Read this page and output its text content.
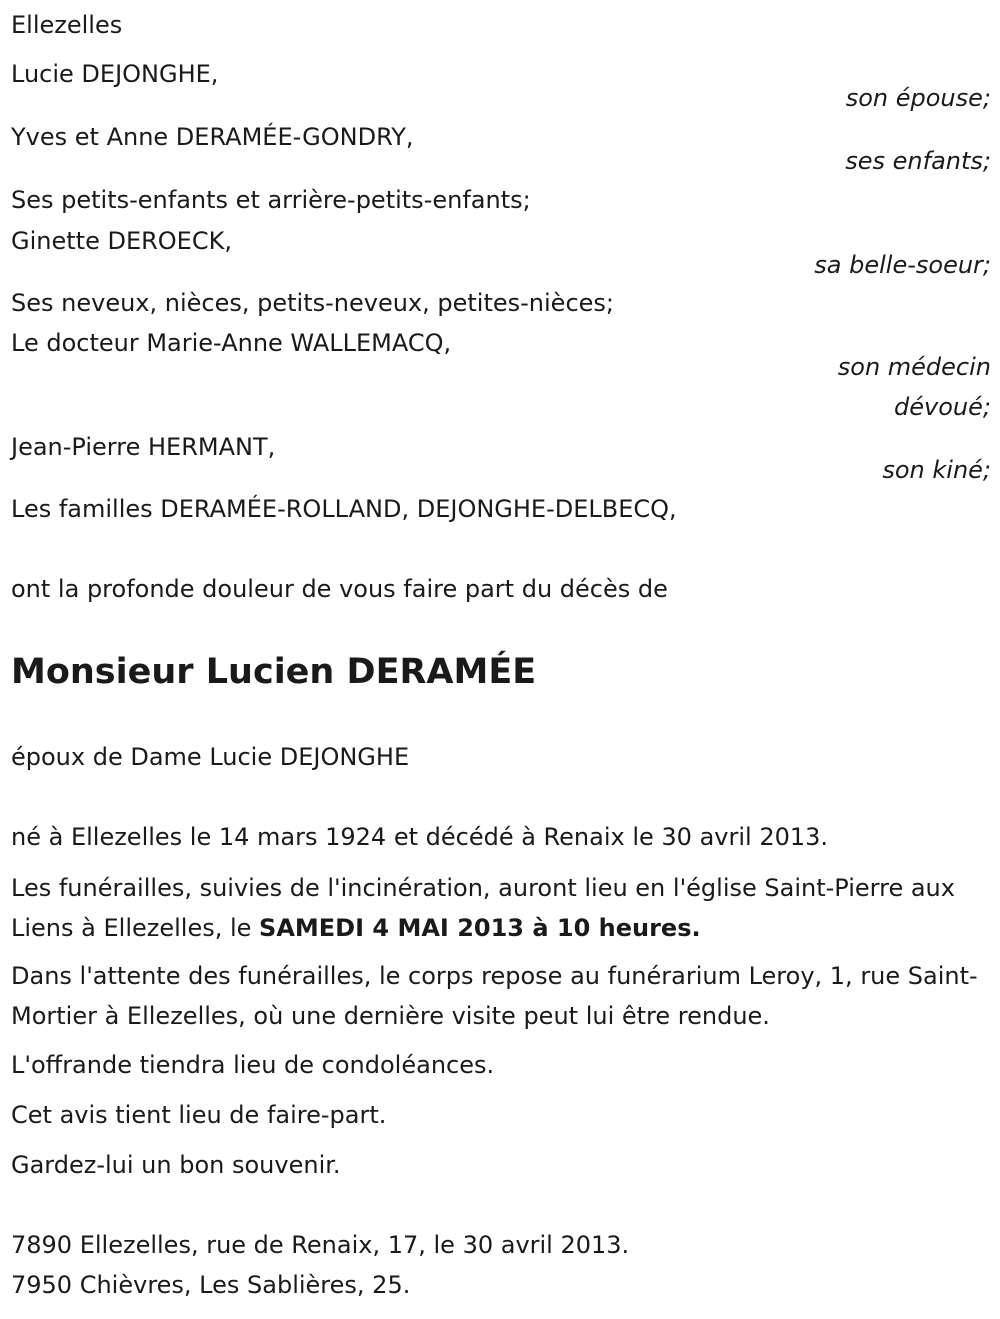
Ellezelles
Lucie DEJONGHE,
son épouse;
Yves et Anne DERAMÉE-GONDRY,
ses enfants;
Ses petits-enfants et arrière-petits-enfants;
Ginette DEROECK,
sa belle-soeur;
Ses neveux, nièces, petits-neveux, petites-nièces;
Le docteur Marie-Anne WALLEMACQ,
son médecin
dévoué;
Jean-Pierre HERMANT,
son kiné;
Les familles DERAMÉE-ROLLAND, DEJONGHE-DELBECQ,
ont la profonde douleur de vous faire part du décès de
Monsieur Lucien DERAMÉE
époux de Dame Lucie DEJONGHE
né à Ellezelles le 14 mars 1924 et décédé à Renaix le 30 avril 2013.
Les funérailles, suivies de l'incinération, auront lieu en l'église Saint-Pierre aux Liens à Ellezelles, le SAMEDI 4 MAI 2013 à 10 heures.
Dans l'attente des funérailles, le corps repose au funérarium Leroy, 1, rue Saint-Mortier à Ellezelles, où une dernière visite peut lui être rendue.
L'offrande tiendra lieu de condoléances.
Cet avis tient lieu de faire-part.
Gardez-lui un bon souvenir.
7890 Ellezelles, rue de Renaix, 17, le 30 avril 2013.
7950 Chièvres, Les Sablières, 25.
